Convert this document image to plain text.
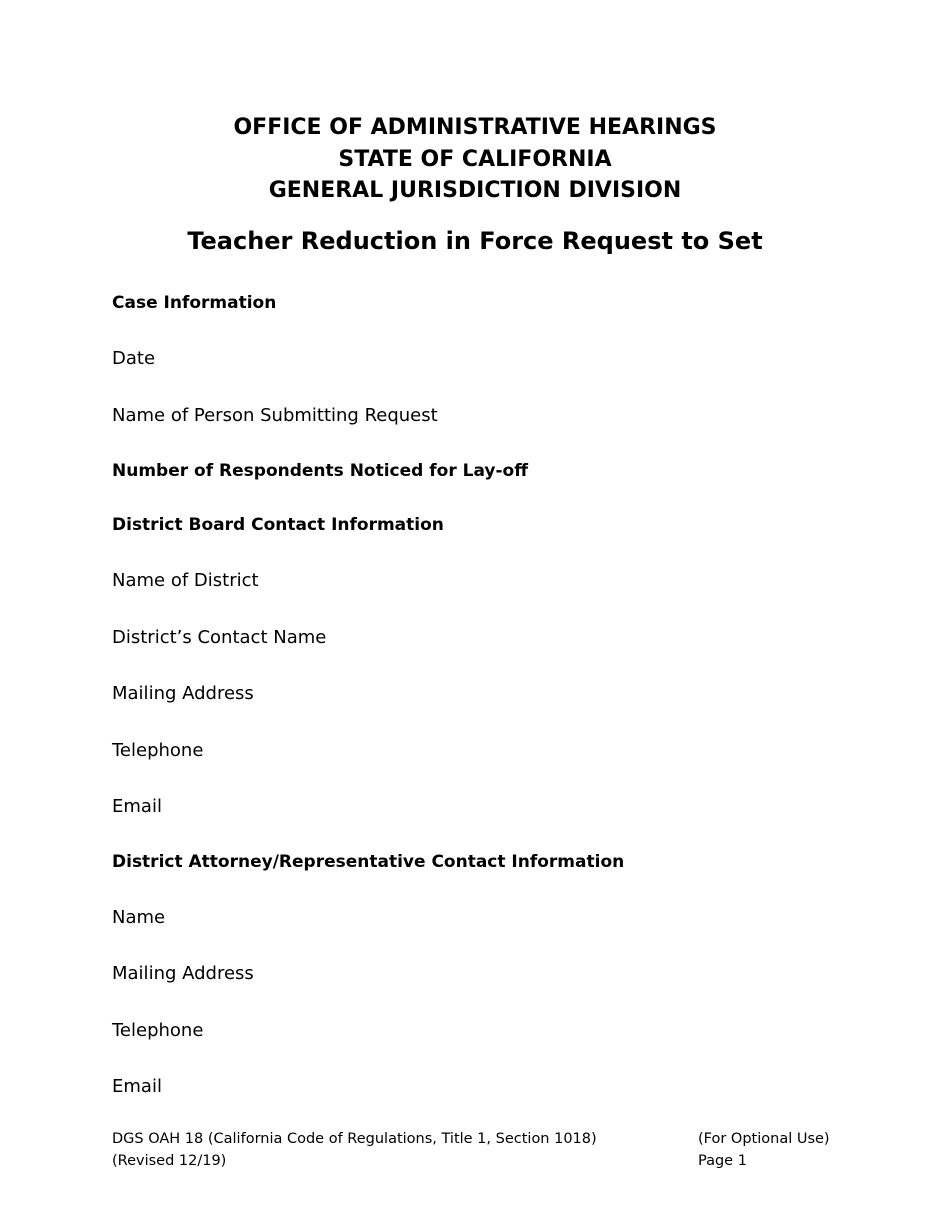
OFFICE OF ADMINISTRATIVE HEARINGS
STATE OF CALIFORNIA
GENERAL JURISDICTION DIVISION
Teacher Reduction in Force Request to Set
Case Information
Date
Name of Person Submitting Request
Number of Respondents Noticed for Lay-off
District Board Contact Information
Name of District
District’s Contact Name
Mailing Address
Telephone
Email
District Attorney/Representative Contact Information
Name
Mailing Address
Telephone
Email
DGS OAH 18 (California Code of Regulations, Title 1, Section 1018)
(Revised 12/19)
(For Optional Use)
Page 1
